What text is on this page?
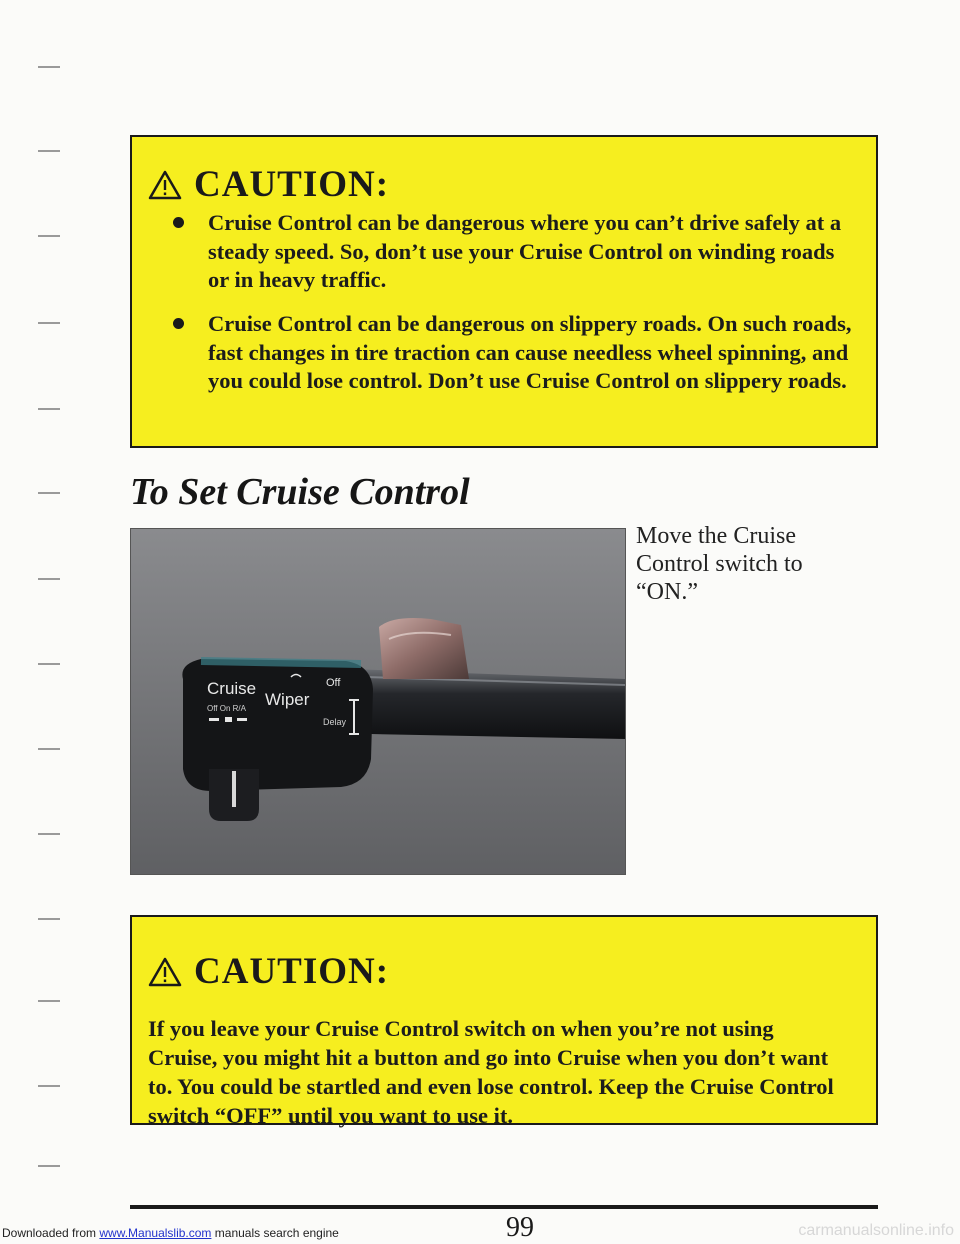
CAUTION:
Cruise Control can be dangerous where you can’t drive safely at a steady speed. So, don’t use your Cruise Control on winding roads or in heavy traffic.
Cruise Control can be dangerous on slippery roads. On such roads, fast changes in tire traction can cause needless wheel spinning, and you could lose control. Don’t use Cruise Control on slippery roads.
To Set Cruise Control
Cruise
Off On R/A Wiper
Off
Delay
Move the Cruise Control switch to “ON.”
CAUTION:
If you leave your Cruise Control switch on when you’re not using Cruise, you might hit a button and go into Cruise when you don’t want to. You could be startled and even lose control. Keep the Cruise Control switch “OFF” until you want to use it.
99
Downloaded from www.Manualslib.com manuals search engine	carmanualsonline.info
